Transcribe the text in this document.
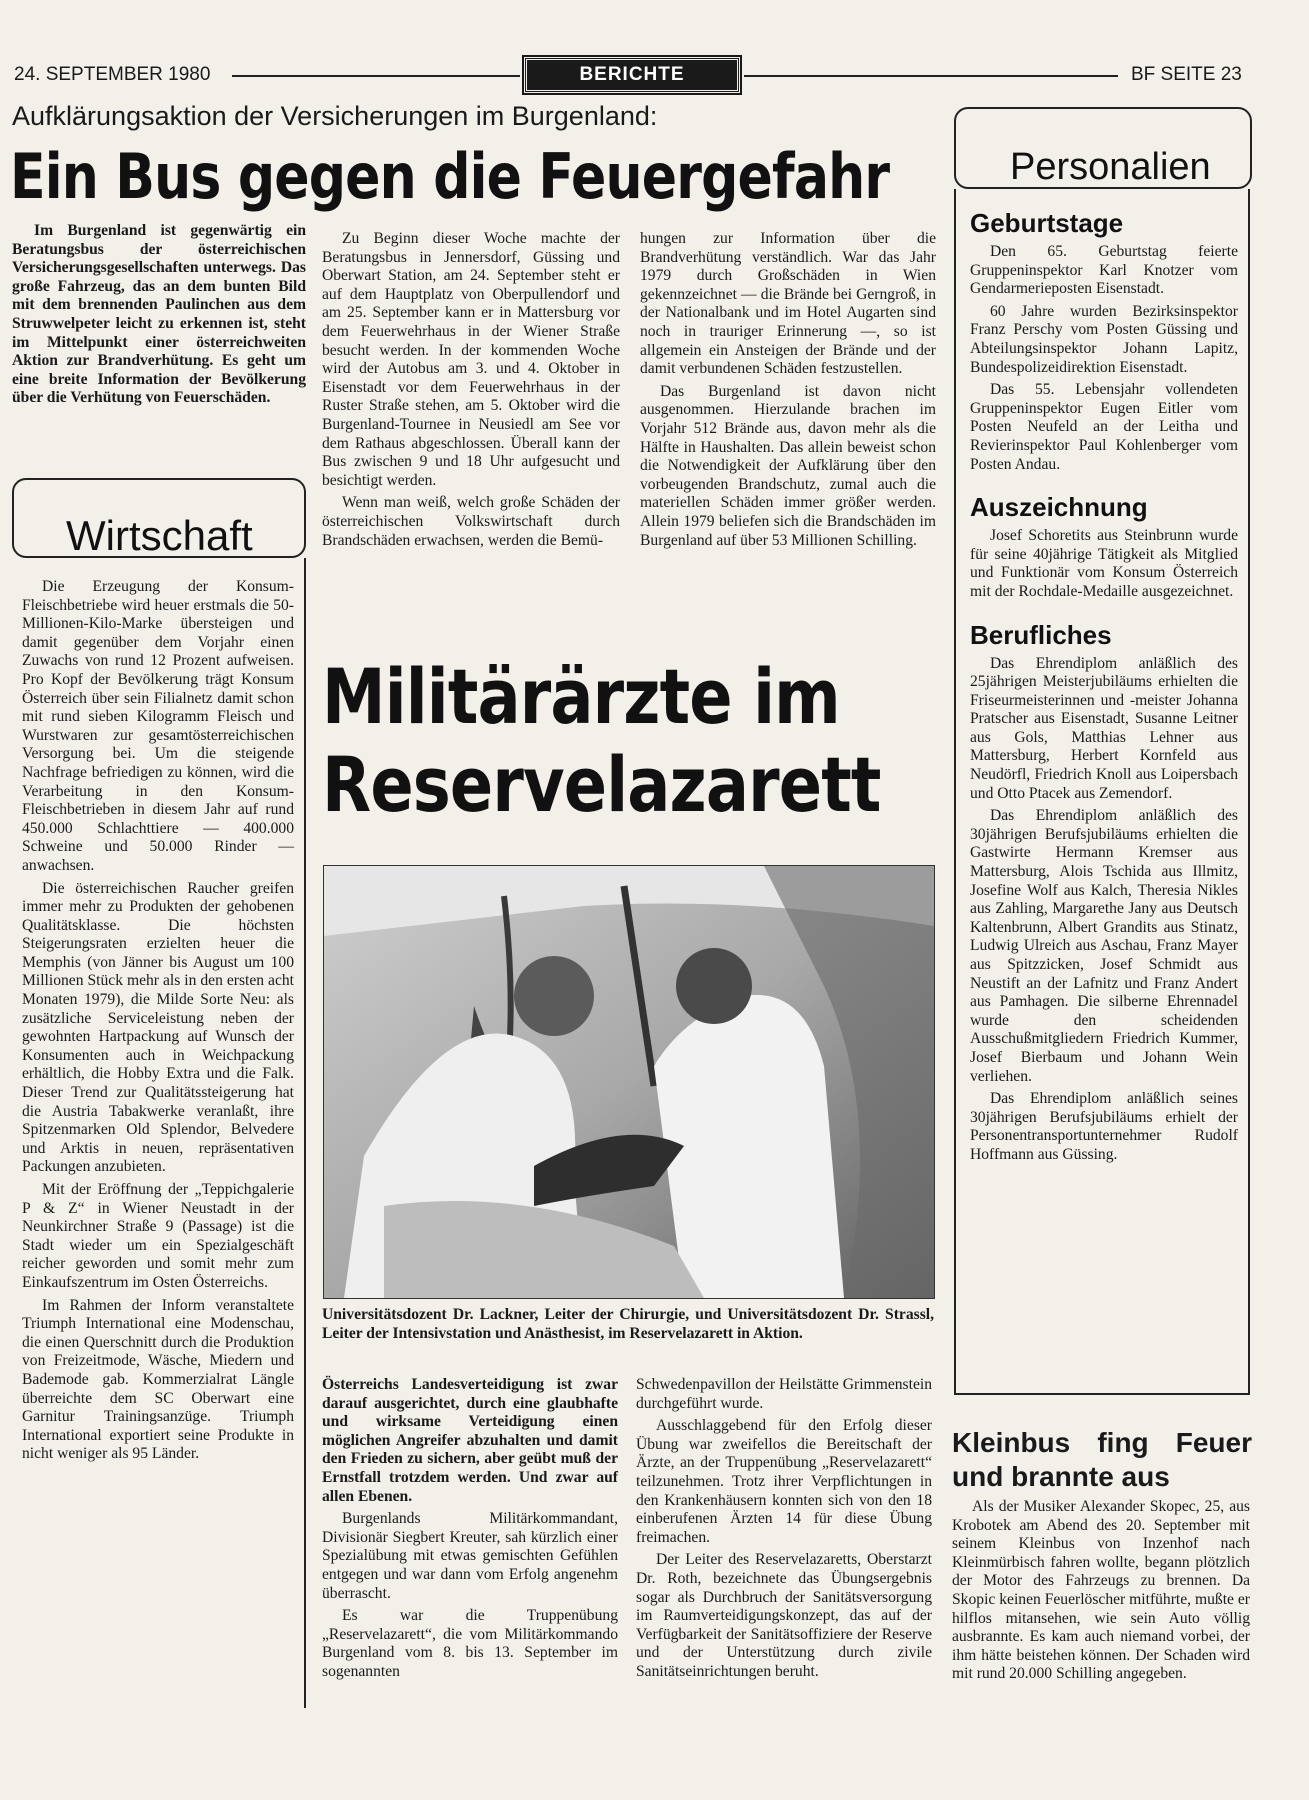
24. SEPTEMBER 1980	BERICHTE	BF SEITE 23
Aufklärungsaktion der Versicherungen im Burgenland:
Ein Bus gegen die Feuergefahr

Im Burgenland ist gegenwärtig ein Beratungsbus der österreichischen Versicherungsgesellschaften unterwegs. Das große Fahrzeug, das an dem bunten Bild mit dem brennenden Paulinchen aus dem Struwwelpeter leicht zu erkennen ist, steht im Mittelpunkt einer österreichweiten Aktion zur Brandverhütung. Es geht um eine breite Information der Bevölkerung über die Verhütung von Feuerschäden.

Zu Beginn dieser Woche machte der Beratungsbus in Jennersdorf, Güssing und Oberwart Station, am 24. September steht er auf dem Hauptplatz von Oberpullendorf und am 25. September kann er in Mattersburg vor dem Feuerwehrhaus in der Wiener Straße besucht werden. In der kommenden Woche wird der Autobus am 3. und 4. Oktober in Eisenstadt vor dem Feuerwehrhaus in der Ruster Straße stehen, am 5. Oktober wird die Burgenland-Tournee in Neusiedl am See vor dem Rathaus abgeschlossen. Überall kann der Bus zwischen 9 und 18 Uhr aufgesucht und besichtigt werden.

Wenn man weiß, welch große Schäden der österreichischen Volkswirtschaft durch Brandschäden erwachsen, werden die Bemü-

hungen zur Information über die Brandverhütung verständlich. War das Jahr 1979 durch Großschäden in Wien gekennzeichnet — die Brände bei Gerngroß, in der Nationalbank und im Hotel Augarten sind noch in trauriger Erinnerung —, so ist allgemein ein Ansteigen der Brände und der damit verbundenen Schäden festzustellen.

Das Burgenland ist davon nicht ausgenommen. Hierzulande brachen im Vorjahr 512 Brände aus, davon mehr als die Hälfte in Haushalten. Das allein beweist schon die Notwendigkeit der Aufklärung über den vorbeugenden Brandschutz, zumal auch die materiellen Schäden immer größer werden. Allein 1979 beliefen sich die Brandschäden im Burgenland auf über 53 Millionen Schilling.

Wirtschaft

Die Erzeugung der Konsum-Fleischbetriebe wird heuer erstmals die 50-Millionen-Kilo-Marke übersteigen und damit gegenüber dem Vorjahr einen Zuwachs von rund 12 Prozent aufweisen. Pro Kopf der Bevölkerung trägt Konsum Österreich über sein Filialnetz damit schon mit rund sieben Kilogramm Fleisch und Wurstwaren zur gesamtösterreichischen Versorgung bei. Um die steigende Nachfrage befriedigen zu können, wird die Verarbeitung in den Konsum-Fleischbetrieben in diesem Jahr auf rund 450.000 Schlachttiere — 400.000 Schweine und 50.000 Rinder — anwachsen.

Die österreichischen Raucher greifen immer mehr zu Produkten der gehobenen Qualitätsklasse. Die höchsten Steigerungsraten erzielten heuer die Memphis (von Jänner bis August um 100 Millionen Stück mehr als in den ersten acht Monaten 1979), die Milde Sorte Neu: als zusätzliche Serviceleistung neben der gewohnten Hartpackung auf Wunsch der Konsumenten auch in Weichpackung erhältlich, die Hobby Extra und die Falk. Dieser Trend zur Qualitätssteigerung hat die Austria Tabakwerke veranlaßt, ihre Spitzenmarken Old Splendor, Belvedere und Arktis in neuen, repräsentativen Packungen anzubieten.

Mit der Eröffnung der „Teppichgalerie P & Z“ in Wiener Neustadt in der Neunkirchner Straße 9 (Passage) ist die Stadt wieder um ein Spezialgeschäft reicher geworden und somit mehr zum Einkaufszentrum im Osten Österreichs.

Im Rahmen der Inform veranstaltete Triumph International eine Modenschau, die einen Querschnitt durch die Produktion von Freizeitmode, Wäsche, Miedern und Bademode gab. Kommerzialrat Längle überreichte dem SC Oberwart eine Garnitur Trainingsanzüge. Triumph International exportiert seine Produkte in nicht weniger als 95 Länder.

Militärärzte im
Reservelazarett

Universitätsdozent Dr. Lackner, Leiter der Chirurgie, und Universitätsdozent Dr. Strassl, Leiter der Intensivstation und Anästhesist, im Reservelazarett in Aktion.

Österreichs Landesverteidigung ist zwar darauf ausgerichtet, durch eine glaubhafte und wirksame Verteidigung einen möglichen Angreifer abzuhalten und damit den Frieden zu sichern, aber geübt muß der Ernstfall trotzdem werden. Und zwar auf allen Ebenen.

Burgenlands Militärkommandant, Divisionär Siegbert Kreuter, sah kürzlich einer Spezialübung mit etwas gemischten Gefühlen entgegen und war dann vom Erfolg angenehm überrascht.

Es war die Truppenübung „Reservelazarett“, die vom Militärkommando Burgenland vom 8. bis 13. September im sogenannten

Schwedenpavillon der Heilstätte Grimmenstein durchgeführt wurde.

Ausschlaggebend für den Erfolg dieser Übung war zweifellos die Bereitschaft der Ärzte, an der Truppenübung „Reservelazarett“ teilzunehmen. Trotz ihrer Verpflichtungen in den Krankenhäusern konnten sich von den 18 einberufenen Ärzten 14 für diese Übung freimachen.

Der Leiter des Reservelazaretts, Oberstarzt Dr. Roth, bezeichnete das Übungsergebnis sogar als Durchbruch der Sanitätsversorgung im Raumverteidigungskonzept, das auf der Verfügbarkeit der Sanitätsoffiziere der Reserve und der Unterstützung durch zivile Sanitätseinrichtungen beruht.

Personalien
Geburtstage

Den 65. Geburtstag feierte Gruppeninspektor Karl Knotzer vom Gendarmerieposten Eisenstadt.

60 Jahre wurden Bezirksinspektor Franz Perschy vom Posten Güssing und Abteilungsinspektor Johann Lapitz, Bundespolizeidirektion Eisenstadt.

Das 55. Lebensjahr vollendeten Gruppeninspektor Eugen Eitler vom Posten Neufeld an der Leitha und Revierinspektor Paul Kohlenberger vom Posten Andau.

Auszeichnung

Josef Schoretits aus Steinbrunn wurde für seine 40jährige Tätigkeit als Mitglied und Funktionär vom Konsum Österreich mit der Rochdale-Medaille ausgezeichnet.

Berufliches

Das Ehrendiplom anläßlich des 25jährigen Meisterjubiläums erhielten die Friseurmeisterinnen und -meister Johanna Pratscher aus Eisenstadt, Susanne Leitner aus Gols, Matthias Lehner aus Mattersburg, Herbert Kornfeld aus Neudörfl, Friedrich Knoll aus Loipersbach und Otto Ptacek aus Zemendorf.

Das Ehrendiplom anläßlich des 30jährigen Berufsjubiläums erhielten die Gastwirte Hermann Kremser aus Mattersburg, Alois Tschida aus Illmitz, Josefine Wolf aus Kalch, Theresia Nikles aus Zahling, Margarethe Jany aus Deutsch Kaltenbrunn, Albert Grandits aus Stinatz, Ludwig Ulreich aus Aschau, Franz Mayer aus Spitzzicken, Josef Schmidt aus Neustift an der Lafnitz und Franz Andert aus Pamhagen. Die silberne Ehrennadel wurde den scheidenden Ausschußmitgliedern Friedrich Kummer, Josef Bierbaum und Johann Wein verliehen.

Das Ehrendiplom anläßlich seines 30jährigen Berufsjubiläums erhielt der Personentransportunternehmer Rudolf Hoffmann aus Güssing.

Kleinbus fing Feuer und brannte aus

Als der Musiker Alexander Skopec, 25, aus Krobotek am Abend des 20. September mit seinem Kleinbus von Inzenhof nach Kleinmürbisch fahren wollte, begann plötzlich der Motor des Fahrzeugs zu brennen. Da Skopic keinen Feuerlöscher mitführte, mußte er hilflos mitansehen, wie sein Auto völlig ausbrannte. Es kam auch niemand vorbei, der ihm hätte beistehen können. Der Schaden wird mit rund 20.000 Schilling angegeben.
